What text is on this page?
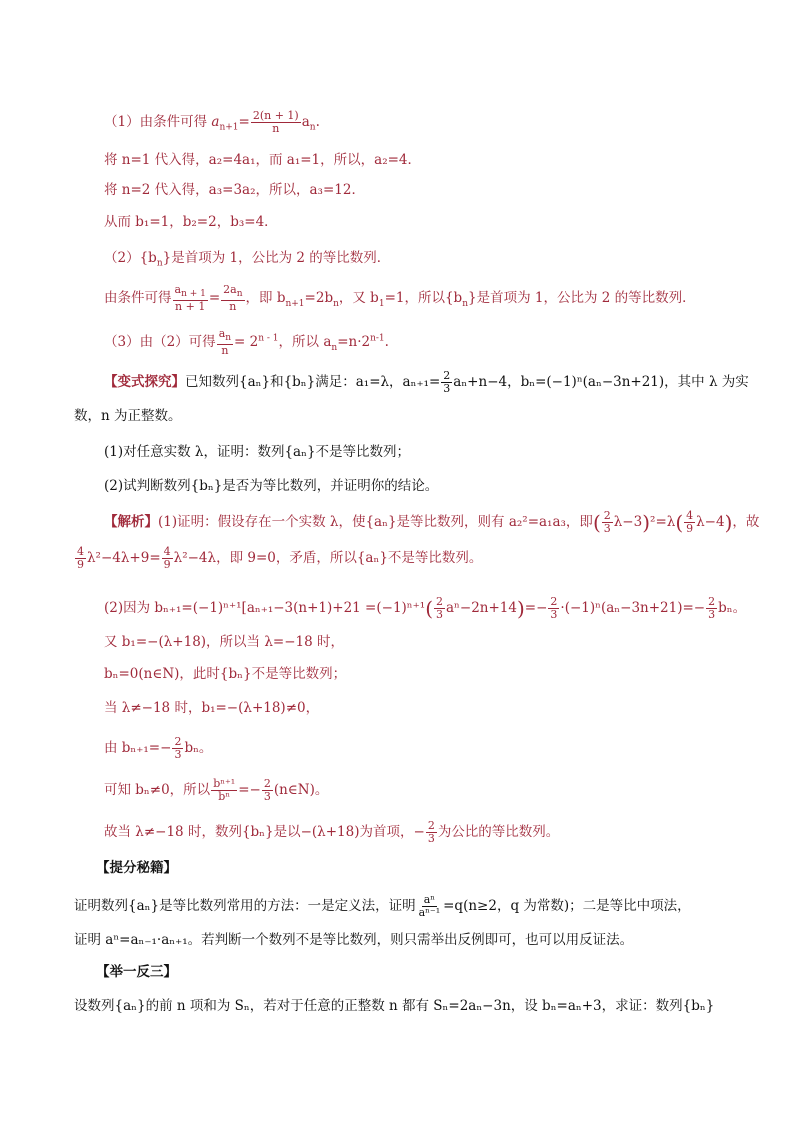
（1）由条件可得 $a_{n+1}= \frac{2(n + 1)}{n} a_n$.
将 n=1 代入得，a₂=4a₁，而 a₁=1，所以，a₂=4．
将 n=2 代入得，a₃=3a₂，所以，a₃=12．
从而 b₁=1，b₂=2，b₃=4．
$(2)\{b_n\}$是首项为 1，公比为 2 的等比数列．
由条件可得 $\frac{a_{n + 1}}{n + 1} = \frac{2a_n}{n}$ ，即 $b_{n+1}=2b_n$，又 $b_1=1$，所以$\{b_n\}$是首项为 1，公比为 2 的等比数列．
（3）由（2）可得 $\frac{a_n}{n} = 2^{n - 1}$，所以 $a_n=n\cdot 2^{n-1}$.
【变式探究】已知数列{aₙ}和{bₙ}满足：a₁=λ，$a_{n+1}= \frac{2}{3} a_n+n-4$，bₙ=(−1)ⁿ(aₙ−3n+21)，其中 λ 为实
数，n 为正整数。
(1)对任意实数 λ，证明：数列{aₙ}不是等比数列；
(2)试判断数列{bₙ}是否为等比数列，并证明你的结论。
【解析】(1)证明：假设存在一个实数 λ，使{aₙ}是等比数列，则有 a₂²=a₁a₃，即( $\frac{2}{3} \lambda-3)^2=\lambda( \frac{4}{9} \lambda-4)$，故
$\frac{4}{9} \lambda^2-4\lambda+9= \frac{4}{9} \lambda^2-4\lambda$，即 9=0，矛盾，所以{aₙ}不是等比数列。
(2)因为 $b_{n+1}=(-1)^{n+1}[a_{n+1}-3(n+1)+21 =(-1)^{n+1}( \frac{2}{3} a^n-2n+14)=- \frac{2}{3} \cdot(-1)^n(a_n-3n+21)=- \frac{2}{3}$ bₙ。
又 b₁=−(λ+18)，所以当 λ=−18 时，
bₙ=0(n∈N)，此时{bₙ}不是等比数列；
当 λ≠−18 时，b₁=−(λ+18)≠0，
由 $b_{n+1}=- \frac{2}{3}$ bₙ。
可知 bₙ≠0，所以 $\frac{\text{bⁿ⁺¹}}{\text{bⁿ}} =- \frac{2}{3}$ (n∈N)。
故当 λ≠−18 时，数列{bₙ}是以−(λ+18)为首项，− $\frac{2}{3}$ 为公比的等比数列。
【提分秘籍】
证明数列{aₙ}是等比数列常用的方法：一是定义法，证明 $\frac{\text{aⁿ}}{\text{aⁿ⁻¹}} =q(n\ge 2$，q 为常数)；二是等比中项法，
证明 aⁿ=aₙ₋₁·aₙ₊₁。若判断一个数列不是等比数列，则只需举出反例即可，也可以用反证法。
【举一反三】
设数列{aₙ}的前 n 项和为 Sₙ，若对于任意的正整数 n 都有 Sₙ=2aₙ−3n，设 bₙ=aₙ+3，求证：数列{bₙ}
